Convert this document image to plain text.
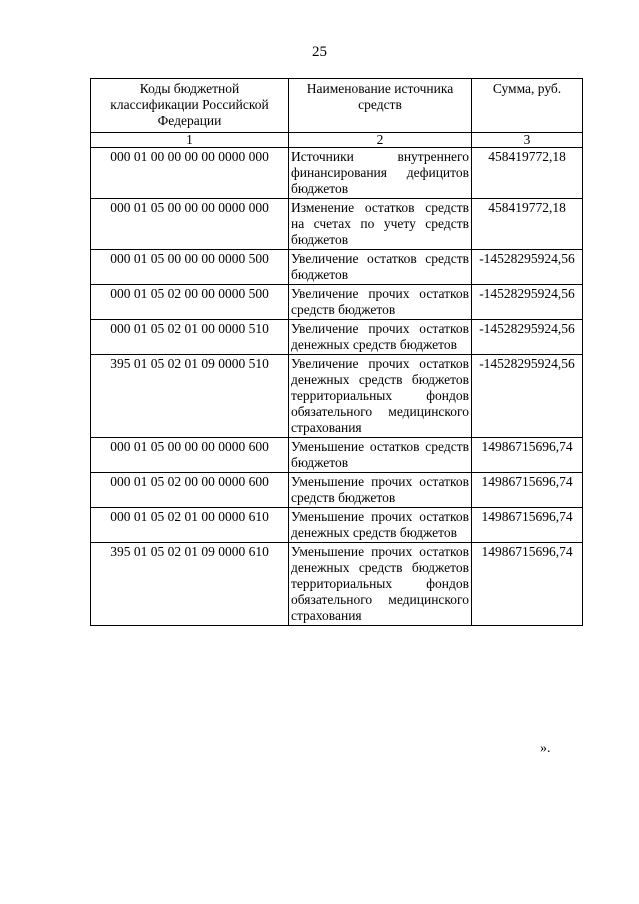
25
Коды бюджетной классификации Российской Федерации	Наименование источника средств	Сумма, руб.
1	2	3
000 01 00 00 00 00 0000 000	Источники внутреннего финансирования дефицитов бюджетов	458419772,18
000 01 05 00 00 00 0000 000	Изменение остатков средств на счетах по учету средств бюджетов	458419772,18
000 01 05 00 00 00 0000 500	Увеличение остатков средств бюджетов	-14528295924,56
000 01 05 02 00 00 0000 500	Увеличение прочих остатков средств бюджетов	-14528295924,56
000 01 05 02 01 00 0000 510	Увеличение прочих остатков денежных средств бюджетов	-14528295924,56
395 01 05 02 01 09 0000 510	Увеличение прочих остатков денежных средств бюджетов территориальных фондов обязательного медицинского страхования	-14528295924,56
000 01 05 00 00 00 0000 600	Уменьшение остатков средств бюджетов	14986715696,74
000 01 05 02 00 00 0000 600	Уменьшение прочих остатков средств бюджетов	14986715696,74
000 01 05 02 01 00 0000 610	Уменьшение прочих остатков денежных средств бюджетов	14986715696,74
395 01 05 02 01 09 0000 610	Уменьшение прочих остатков денежных средств бюджетов территориальных фондов обязательного медицинского страхования	14986715696,74
».
